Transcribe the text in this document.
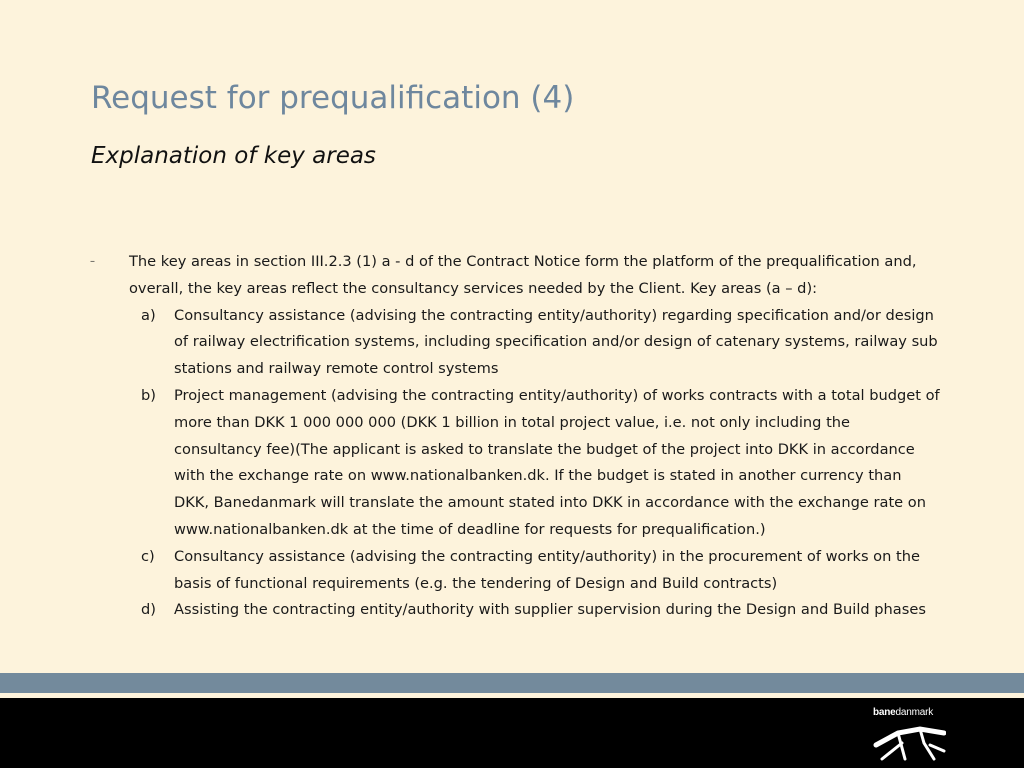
Request for prequalification (4)
Explanation of key areas
– The key areas in section III.2.3 (1) a - d of the Contract Notice form the platform of the prequalification and, overall, the key areas reflect the consultancy services needed by the Client. Key areas (a – d):

a) Consultancy assistance (advising the contracting entity/authority) regarding specification and/or design of railway electrification systems, including specification and/or design of catenary systems, railway sub stations and railway remote control systems
b) Project management (advising the contracting entity/authority) of works contracts with a total budget of more than DKK 1 000 000 000 (DKK 1 billion in total project value, i.e. not only including the consultancy fee)(The applicant is asked to translate the budget of the project into DKK in accordance with the exchange rate on www.nationalbanken.dk. If the budget is stated in another currency than DKK, Banedanmark will translate the amount stated into DKK in accordance with the exchange rate on www.nationalbanken.dk at the time of deadline for requests for prequalification.)
c) Consultancy assistance (advising the contracting entity/authority) in the procurement of works on the basis of functional requirements (e.g. the tendering of Design and Build contracts)
d) Assisting the contracting entity/authority with supplier supervision during the Design and Build phases
banedanmark
